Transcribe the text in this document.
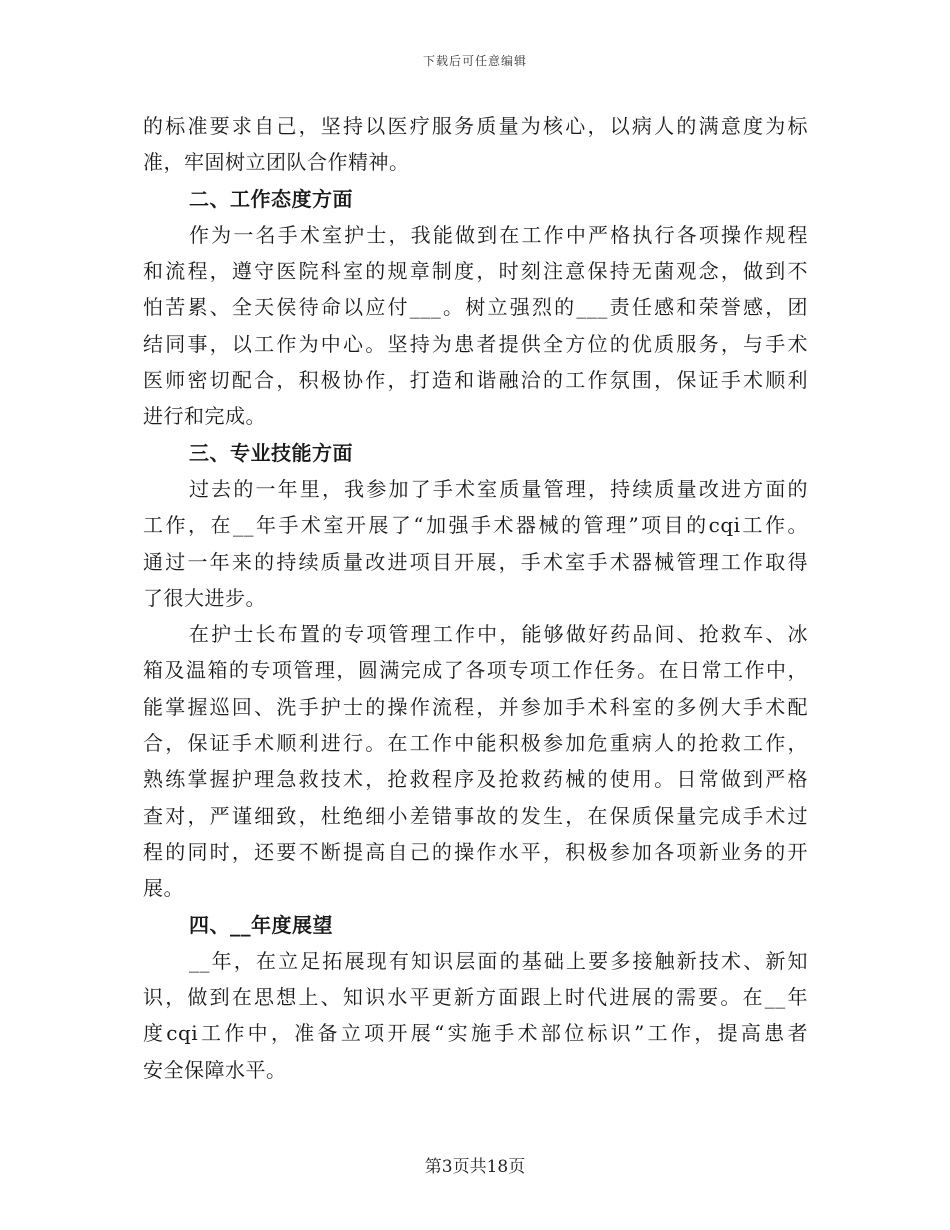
下载后可任意编辑
的标准要求自己，坚持以医疗服务质量为核心，以病人的满意度为标
准，牢固树立团队合作精神。
二、工作态度方面
作为一名手术室护士，我能做到在工作中严格执行各项操作规程
和流程，遵守医院科室的规章制度，时刻注意保持无菌观念，做到不
怕苦累、全天侯待命以应付___。树立强烈的___责任感和荣誉感，团
结同事，以工作为中心。坚持为患者提供全方位的优质服务，与手术
医师密切配合，积极协作，打造和谐融洽的工作氛围，保证手术顺利
进行和完成。
三、专业技能方面
过去的一年里，我参加了手术室质量管理，持续质量改进方面的
工作，在__年手术室开展了“加强手术器械的管理”项目的cqi工作。
通过一年来的持续质量改进项目开展，手术室手术器械管理工作取得
了很大进步。
在护士长布置的专项管理工作中，能够做好药品间、抢救车、冰
箱及温箱的专项管理，圆满完成了各项专项工作任务。在日常工作中，
能掌握巡回、洗手护士的操作流程，并参加手术科室的多例大手术配
合，保证手术顺利进行。在工作中能积极参加危重病人的抢救工作，
熟练掌握护理急救技术，抢救程序及抢救药械的使用。日常做到严格
查对，严谨细致，杜绝细小差错事故的发生，在保质保量完成手术过
程的同时，还要不断提高自己的操作水平，积极参加各项新业务的开
展。
四、__年度展望
__年，在立足拓展现有知识层面的基础上要多接触新技术、新知
识，做到在思想上、知识水平更新方面跟上时代进展的需要。在__年
度cqi工作中，准备立项开展“实施手术部位标识”工作，提高患者
安全保障水平。
第3页共18页
